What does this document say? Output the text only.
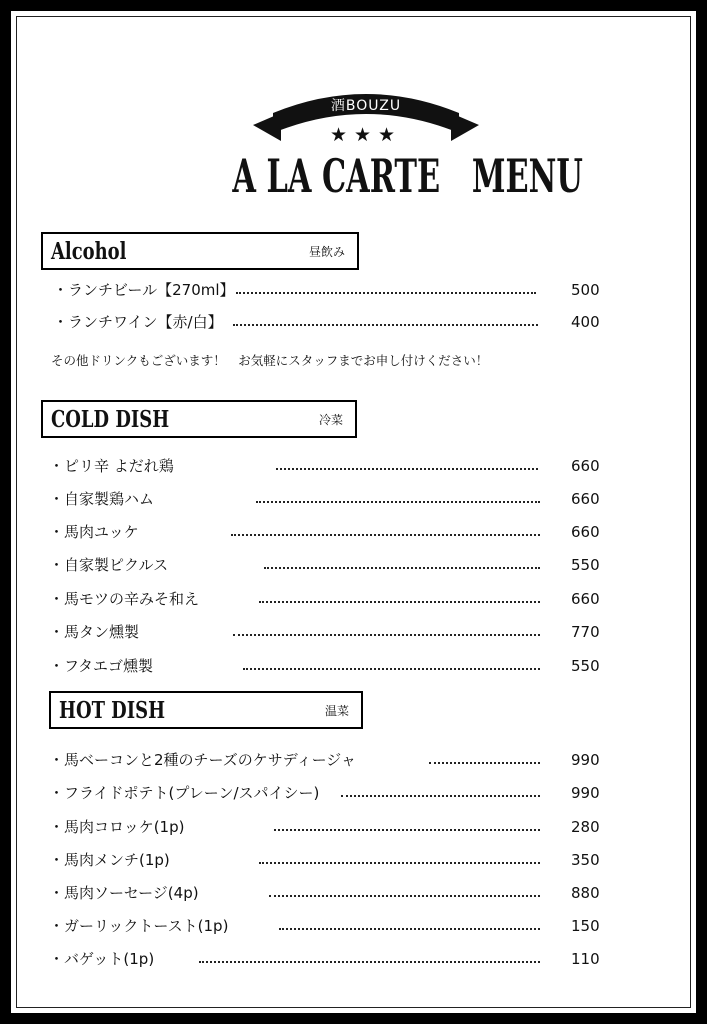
酒BOUZU
★★★
A LA CARTE   MENU
Alcohol	昼飲み
・ランチビール【270ml】	500
・ランチワイン【赤/白】	400
その他ドリンクもございます！　お気軽にスタッフまでお申し付けください！
COLD DISH	冷菜
・ピリ辛 よだれ鶏	660
・自家製鶏ハム	660
・馬肉ユッケ	660
・自家製ピクルス	550
・馬モツの辛みそ和え	660
・馬タン燻製	770
・フタエゴ燻製	550
HOT DISH	温菜
・馬ベーコンと2種のチーズのケサディージャ	990
・フライドポテト(プレーン/スパイシー)	990
・馬肉コロッケ(1p)	280
・馬肉メンチ(1p)	350
・馬肉ソーセージ(4p)	880
・ガーリックトースト(1p)	150
・バゲット(1p)	110
